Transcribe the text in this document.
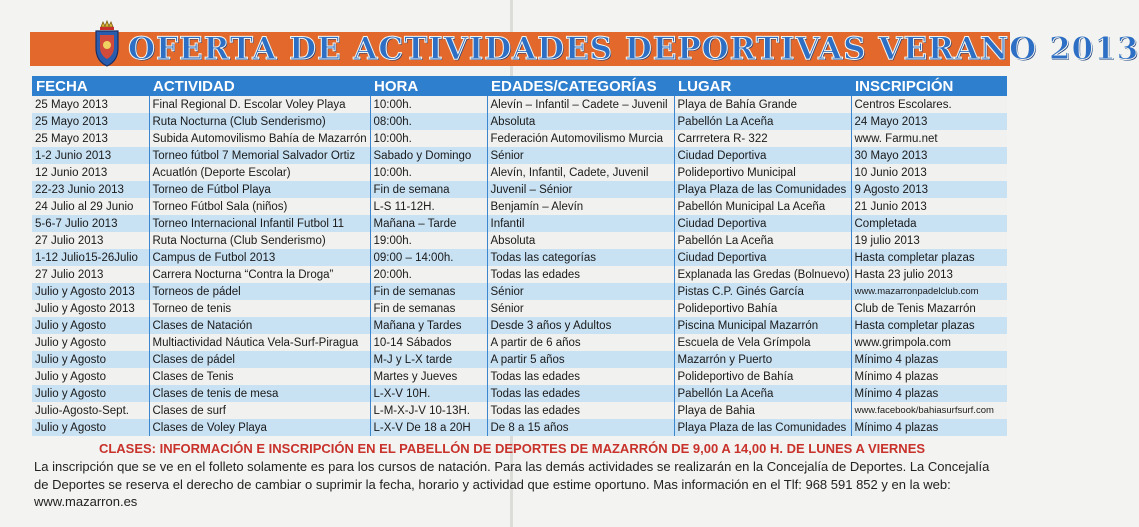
OFERTA DE ACTIVIDADES DEPORTIVAS VERANO 2013
FECHA	ACTIVIDAD	HORA	EDADES/CATEGORÍAS	LUGAR	INSCRIPCIÓN
25 Mayo 2013	Final Regional D. Escolar Voley Playa	10:00h.	Alevín – Infantil – Cadete – Juvenil	Playa de Bahía Grande	Centros Escolares.
25 Mayo 2013	Ruta Nocturna (Club Senderismo)	08:00h.	Absoluta	Pabellón La Aceña	24 Mayo 2013
25 Mayo 2013	Subida Automovilismo Bahía de Mazarrón	10:00h.	Federación Automovilismo Murcia	Carrretera R- 322	www. Farmu.net
1-2 Junio 2013	Torneo fútbol 7 Memorial Salvador Ortiz	Sabado y Domingo	Sénior	Ciudad Deportiva	30 Mayo 2013
12 Junio 2013	Acuatlón (Deporte Escolar)	10:00h.	Alevín, Infantil, Cadete, Juvenil	Polideportivo Municipal	10 Junio 2013
22-23 Junio 2013	Torneo de Fútbol Playa	Fin de semana	Juvenil – Sénior	Playa Plaza de las Comunidades	9 Agosto 2013
24 Julio al 29 Junio	Torneo Fútbol Sala (niños)	L-S 11-12H.	Benjamín – Alevín	Pabellón Municipal La Aceña	21 Junio 2013
5-6-7 Julio 2013	Torneo Internacional Infantil Futbol 11	Mañana – Tarde	Infantil	Ciudad Deportiva	Completada
27 Julio 2013	Ruta Nocturna (Club Senderismo)	19:00h.	Absoluta	Pabellón La Aceña	19 julio 2013
1-12 Julio15-26Julio	Campus de Futbol 2013	09:00 – 14:00h.	Todas las categorías	Ciudad Deportiva	Hasta completar plazas
27 Julio 2013	Carrera Nocturna “Contra la Droga”	20:00h.	Todas las edades	Explanada las Gredas (Bolnuevo)	Hasta 23 julio 2013
Julio y Agosto 2013	Torneos de pádel	Fin de semanas	Sénior	Pistas C.P. Ginés García	www.mazarronpadelclub.com
Julio y Agosto 2013	Torneo de tenis	Fin de semanas	Sénior	Polideportivo Bahía	Club de Tenis Mazarrón
Julio y Agosto	Clases de Natación	Mañana y Tardes	Desde 3 años y Adultos	Piscina Municipal Mazarrón	Hasta completar plazas
Julio y Agosto	Multiactividad Náutica Vela-Surf-Piragua	10-14 Sábados	A partir de 6 años	Escuela de Vela Grímpola	www.grimpola.com
Julio y Agosto	Clases de pádel	M-J y L-X tarde	A partir 5 años	Mazarrón y Puerto	Mínimo 4 plazas
Julio y Agosto	Clases de Tenis	Martes y Jueves	Todas las edades	Polideportivo de Bahía	Mínimo 4 plazas
Julio y Agosto	Clases de tenis de mesa	L-X-V 10H.	Todas las edades	Pabellón La Aceña	Mínimo 4 plazas
Julio-Agosto-Sept.	Clases de surf	L-M-X-J-V 10-13H.	Todas las edades	Playa de Bahia	www.facebook/bahiasurfsurf.com
Julio y Agosto	Clases de Voley Playa	L-X-V De 18 a 20H	De 8 a 15 años	Playa Plaza de las Comunidades	Mínimo 4 plazas
CLASES: INFORMACIÓN E INSCRIPCIÓN EN EL PABELLÓN DE DEPORTES DE MAZARRÓN DE 9,00 A 14,00 H. DE LUNES A VIERNES
La inscripción que se ve en el folleto solamente es para los cursos de natación. Para las demás actividades se realizarán en la Concejalía de Deportes. La Concejalía de Deportes se reserva el derecho de cambiar o suprimir la fecha, horario y actividad que estime oportuno. Mas información en el Tlf: 968 591 852 y en la web: www.mazarron.es
